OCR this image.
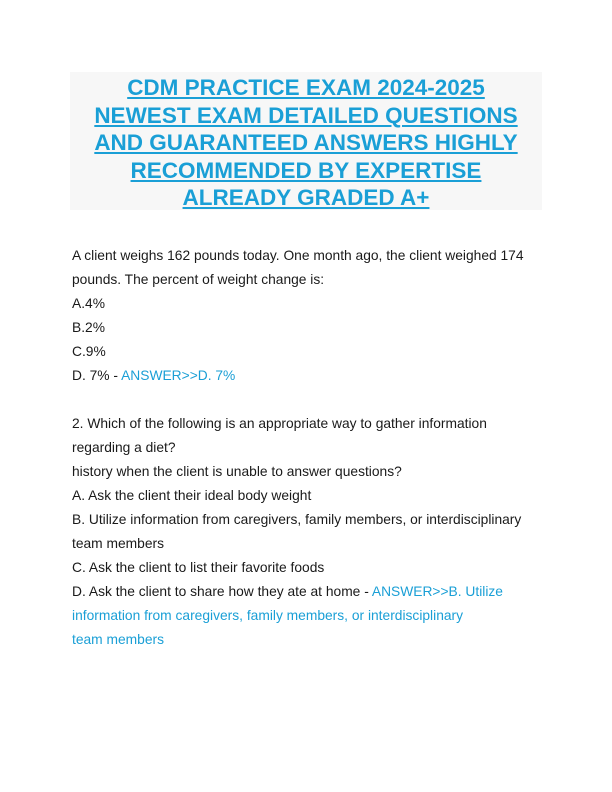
CDM PRACTICE EXAM 2024-2025
NEWEST EXAM DETAILED QUESTIONS
AND GUARANTEED ANSWERS HIGHLY
RECOMMENDED BY EXPERTISE
ALREADY GRADED A+
A client weighs 162 pounds today. One month ago, the client weighed 174
pounds. The percent of weight change is:
A.4%
B.2%
C.9%
D. 7% - ANSWER>>D. 7%
2. Which of the following is an appropriate way to gather information
regarding a diet?
history when the client is unable to answer questions?
A. Ask the client their ideal body weight
B. Utilize information from caregivers, family members, or interdisciplinary
team members
C. Ask the client to list their favorite foods
D. Ask the client to share how they ate at home - ANSWER>>B. Utilize
information from caregivers, family members, or interdisciplinary
team members
